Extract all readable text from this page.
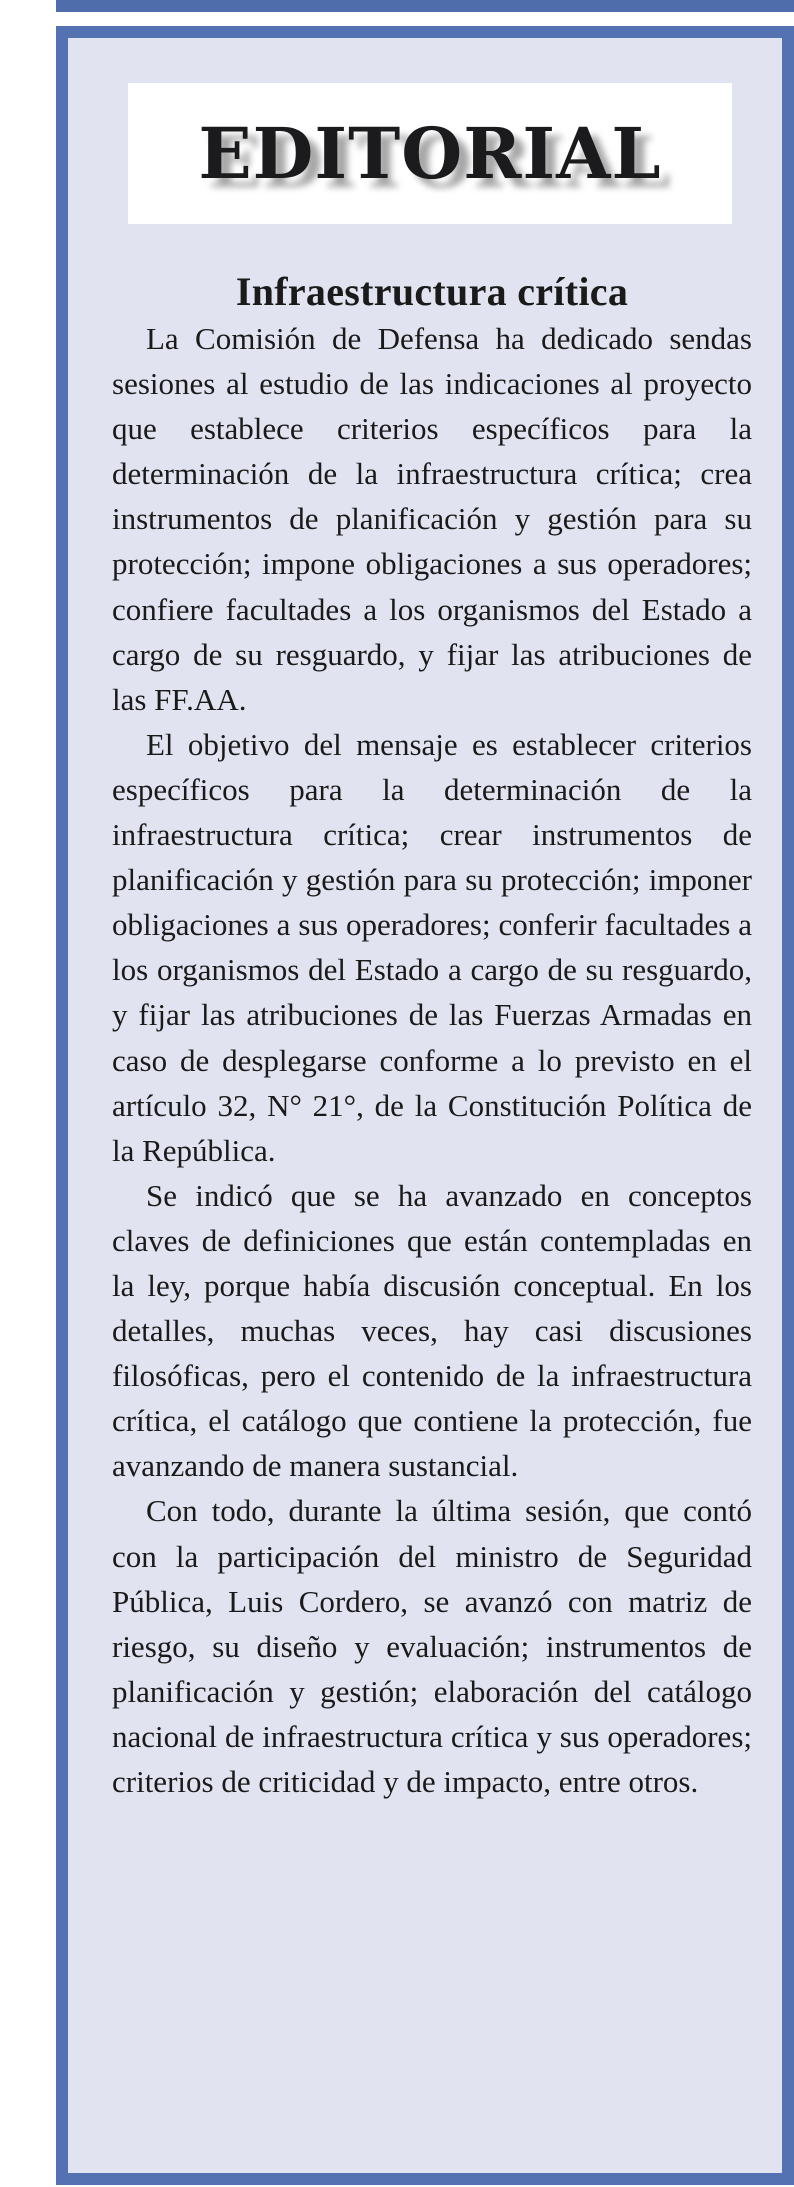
EDITORIAL
Infraestructura crítica

La Comisión de Defensa ha dedicado sendas sesiones al estudio de las indicaciones al proyecto que establece criterios específicos para la determinación de la infraestructura crítica; crea instrumentos de planificación y gestión para su protección; impone obligaciones a sus operadores; confiere facultades a los organismos del Estado a cargo de su resguardo, y fijar las atribuciones de las FF.AA.

El objetivo del mensaje es establecer criterios específicos para la determinación de la infraestructura crítica; crear instrumentos de planificación y gestión para su protección; imponer obligaciones a sus operadores; conferir facultades a los organismos del Estado a cargo de su resguardo, y fijar las atribuciones de las Fuerzas Armadas en caso de desplegarse conforme a lo previsto en el artículo 32, N° 21°, de la Constitución Política de la República.

Se indicó que se ha avanzado en conceptos claves de definiciones que están contempladas en la ley, porque había discusión conceptual. En los detalles, muchas veces, hay casi discusiones filosóficas, pero el contenido de la infraestructura crítica, el catálogo que contiene la protección, fue avanzando de manera sustancial.

Con todo, durante la última sesión, que contó con la participación del ministro de Seguridad Pública, Luis Cordero, se avanzó con matriz de riesgo, su diseño y evaluación; instrumentos de planificación y gestión; elaboración del catálogo nacional de infraestructura crítica y sus operadores; criterios de criticidad y de impacto, entre otros.
